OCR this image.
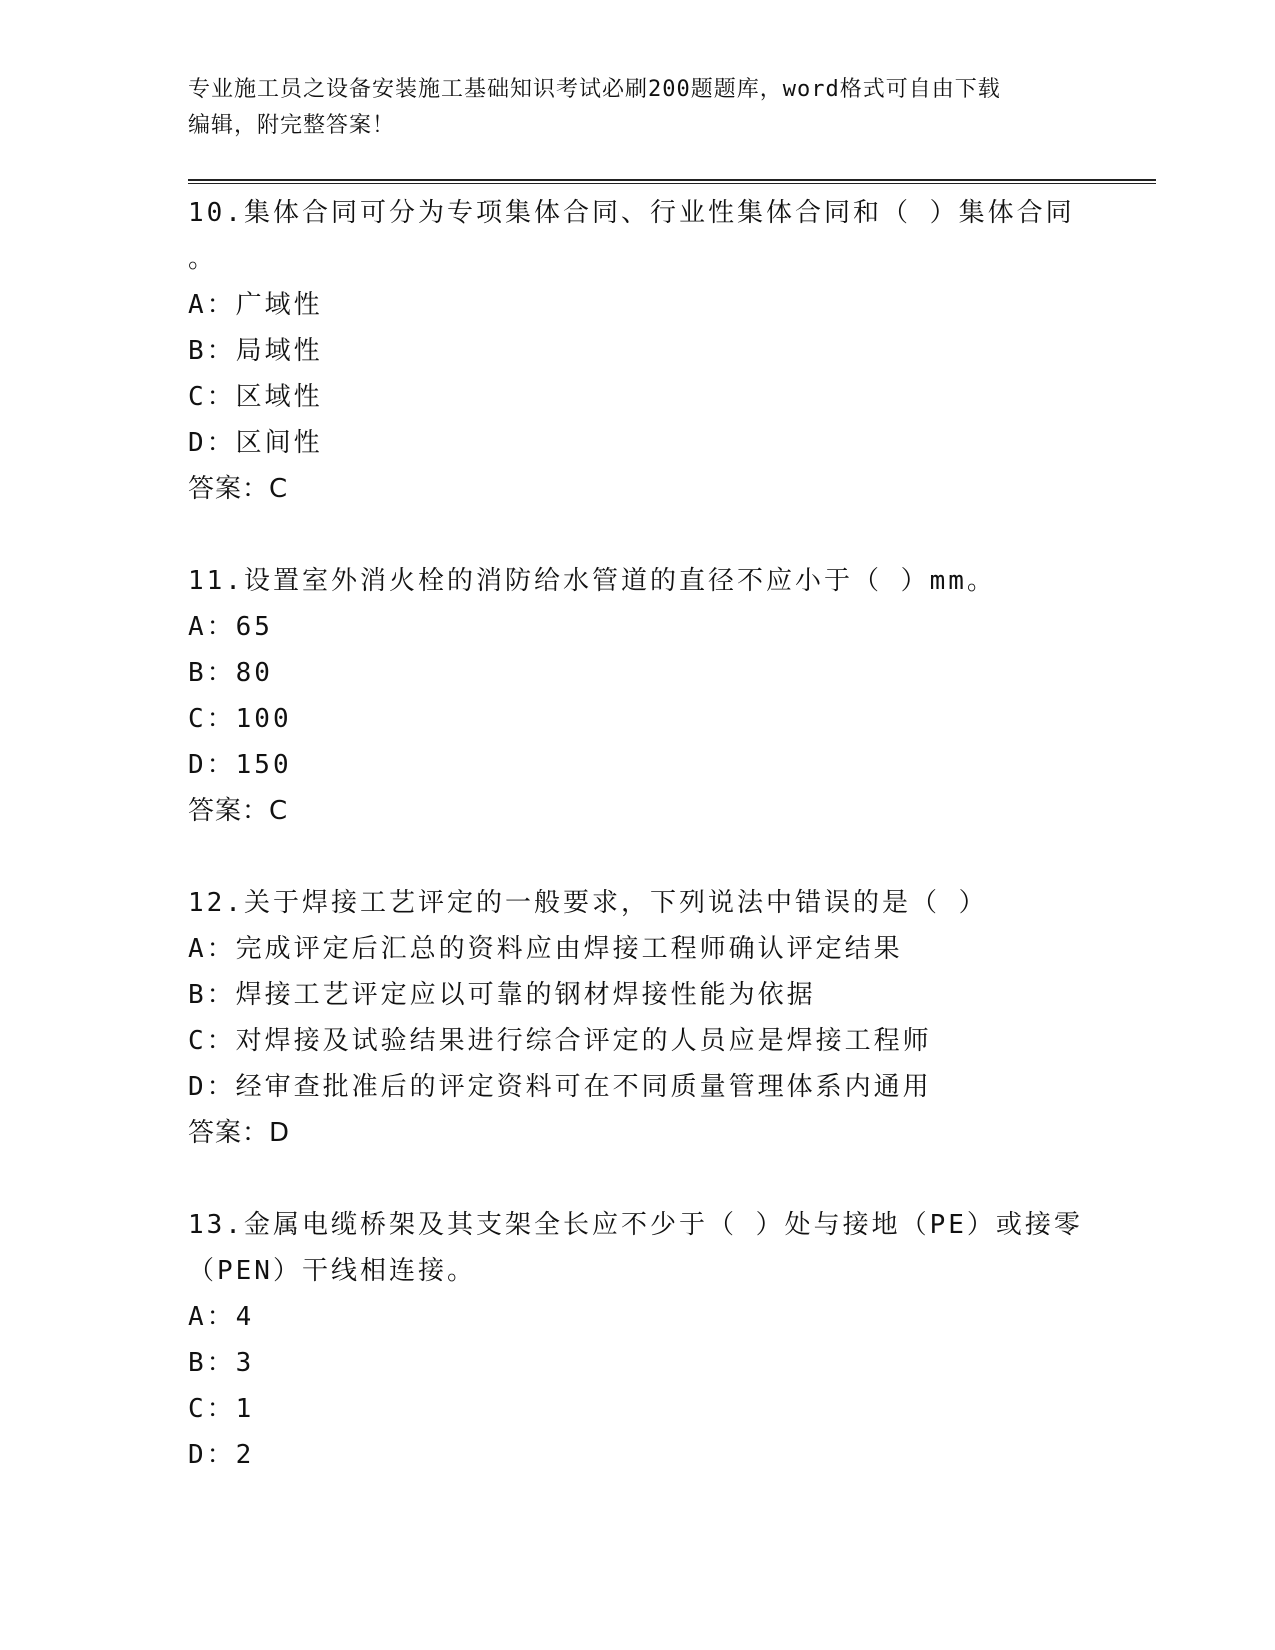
专业施工员之设备安装施工基础知识考试必刷200题题库，word格式可自由下载
编辑，附完整答案！
10.集体合同可分为专项集体合同、行业性集体合同和（ ）集体合同
。
A：广域性
B：局域性
C：区域性
D：区间性
答案：C
11.设置室外消火栓的消防给水管道的直径不应小于（ ）mm。
A：65
B：80
C：100
D：150
答案：C
12.关于焊接工艺评定的一般要求，下列说法中错误的是（ ）
A：完成评定后汇总的资料应由焊接工程师确认评定结果
B：焊接工艺评定应以可靠的钢材焊接性能为依据
C：对焊接及试验结果进行综合评定的人员应是焊接工程师
D：经审查批准后的评定资料可在不同质量管理体系内通用
答案：D
13.金属电缆桥架及其支架全长应不少于（ ）处与接地（PE）或接零
（PEN）干线相连接。
A：4
B：3
C：1
D：2
